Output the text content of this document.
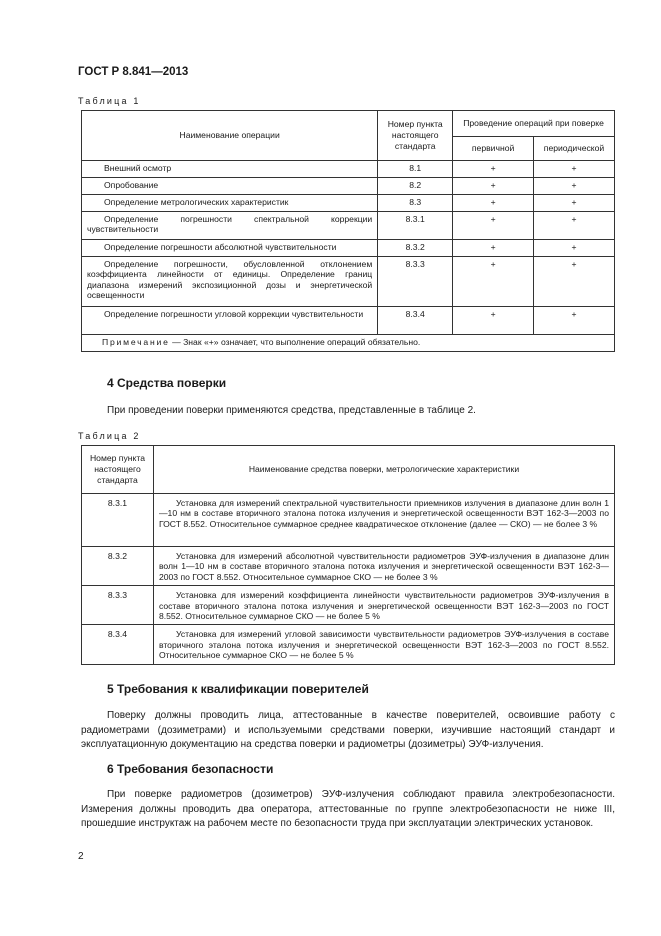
ГОСТ Р 8.841—2013
Таблица 1
Наименование операции	Номер пункта настоящего стандарта	Проведение операций при поверке	
		первичной	периодической

Внешний осмотр	8.1	+	+

Опробование	8.2	+	+

Определение метрологических характеристик	8.3	+	+

Определение погрешности спектральной коррекции чувствительности	8.3.1	+	+

Определение погрешности абсолютной чувствительности	8.3.2	+	+

Определение погрешности, обусловленной отклонением коэффициента линейности от единицы. Определение границ диапазона измерений экспозиционной дозы и энергетической освещенности	8.3.3	+	+

Определение погрешности угловой коррекции чувствительности	8.3.4	+	+
Примечание — Знак «+» означает, что выполнение операций обязательно.			
4 Средства поверки

При проведении поверки применяются средства, представленные в таблице 2.

Таблица 2
Номер пункта настоящего стандарта	Наименование средства поверки, метрологические характеристики
8.3.1	Установка для измерений спектральной чувствительности приемников излучения в диапазоне длин волн 1—10 нм в составе вторичного эталона потока излучения и энергетической освещенности ВЭТ 162-3—2003 по ГОСТ 8.552. Относительное суммарное среднее квадратическое отклонение (далее — СКО) — не более 3 %

8.3.2	Установка для измерений абсолютной чувствительности радиометров ЭУФ-излучения в диапазоне длин волн 1—10 нм в составе вторичного эталона потока излучения и энергетической освещенности ВЭТ 162-3—2003 по ГОСТ 8.552. Относительное суммарное СКО — не более 3 %

8.3.3	Установка для измерений коэффициента линейности чувствительности радиометров ЭУФ-излучения в составе вторичного эталона потока излучения и энергетической освещенности ВЭТ 162-3—2003 по ГОСТ 8.552. Относительное суммарное СКО — не более 5 %

8.3.4	Установка для измерений угловой зависимости чувствительности радиометров ЭУФ-излучения в составе вторичного эталона потока излучения и энергетической освещенности ВЭТ 162-3—2003 по ГОСТ 8.552. Относительное суммарное СКО — не более 5 %
5 Требования к квалификации поверителей

Поверку должны проводить лица, аттестованные в качестве поверителей, освоившие работу с радиометрами (дозиметрами) и используемыми средствами поверки, изучившие настоящий стандарт и эксплуатационную документацию на средства поверки и радиометры (дозиметры) ЭУФ-излучения.

6 Требования безопасности

При поверке радиометров (дозиметров) ЭУФ-излучения соблюдают правила электробезопасности. Измерения должны проводить два оператора, аттестованные по группе электробезопасности не ниже III, прошедшие инструктаж на рабочем месте по безопасности труда при эксплуатации электрических установок.

2
